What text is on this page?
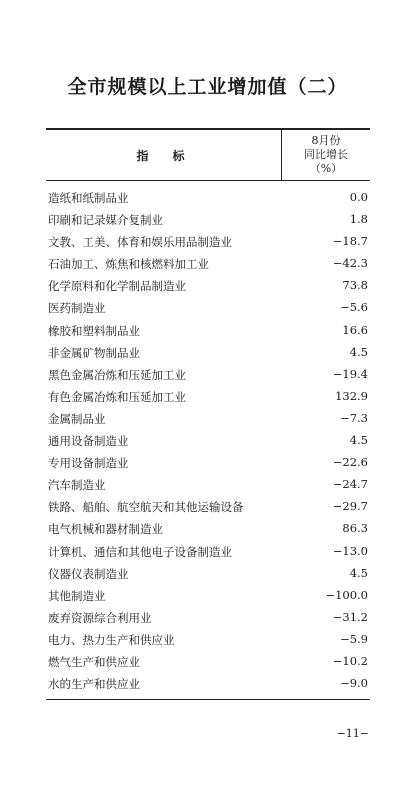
全市规模以上工业增加值（二）
指　标
8月份
同比增长
（%）
造纸和纸制品业	0.0
印刷和记录媒介复制业	1.8
文教、工美、体育和娱乐用品制造业	−18.7
石油加工、炼焦和核燃料加工业	−42.3
化学原料和化学制品制造业	73.8
医药制造业	−5.6
橡胶和塑料制品业	16.6
非金属矿物制品业	4.5
黑色金属冶炼和压延加工业	−19.4
有色金属冶炼和压延加工业	132.9
金属制品业	−7.3
通用设备制造业	4.5
专用设备制造业	−22.6
汽车制造业	−24.7
铁路、船舶、航空航天和其他运输设备	−29.7
电气机械和器材制造业	86.3
计算机、通信和其他电子设备制造业	−13.0
仪器仪表制造业	4.5
其他制造业	−100.0
废弃资源综合利用业	−31.2
电力、热力生产和供应业	−5.9
燃气生产和供应业	−10.2
水的生产和供应业	−9.0
−11−
